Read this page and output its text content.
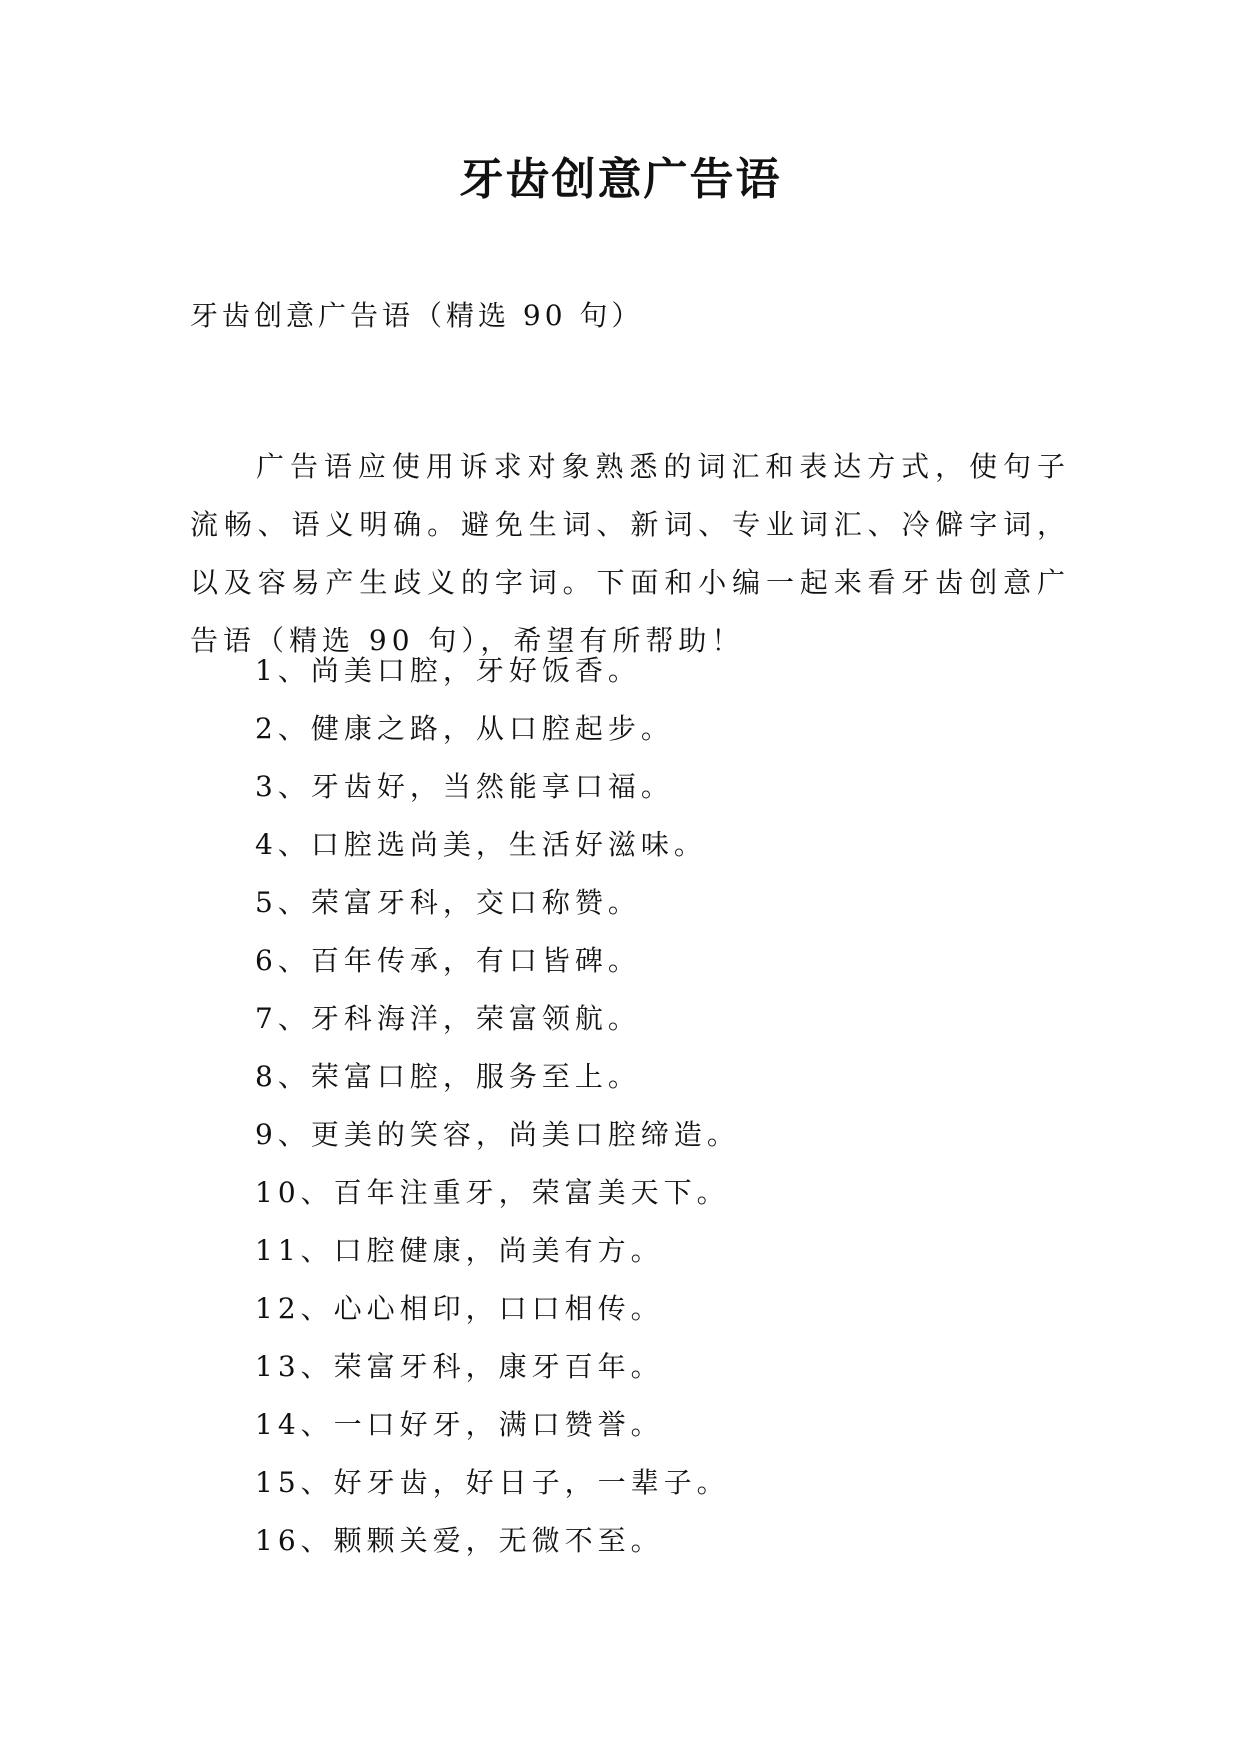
牙齿创意广告语
牙齿创意广告语（精选 90 句）

广告语应使用诉求对象熟悉的词汇和表达方式，使句子流畅、语义明确。避免生词、新词、专业词汇、冷僻字词，以及容易产生歧义的字词。下面和小编一起来看牙齿创意广告语（精选 90 句），希望有所帮助！

1、尚美口腔，牙好饭香。
2、健康之路，从口腔起步。
3、牙齿好，当然能享口福。
4、口腔选尚美，生活好滋味。
5、荣富牙科，交口称赞。
6、百年传承，有口皆碑。
7、牙科海洋，荣富领航。
8、荣富口腔，服务至上。
9、更美的笑容，尚美口腔缔造。
10、百年注重牙，荣富美天下。
11、口腔健康，尚美有方。
12、心心相印，口口相传。
13、荣富牙科，康牙百年。
14、一口好牙，满口赞誉。
15、好牙齿，好日子，一辈子。
16、颗颗关爱，无微不至。
